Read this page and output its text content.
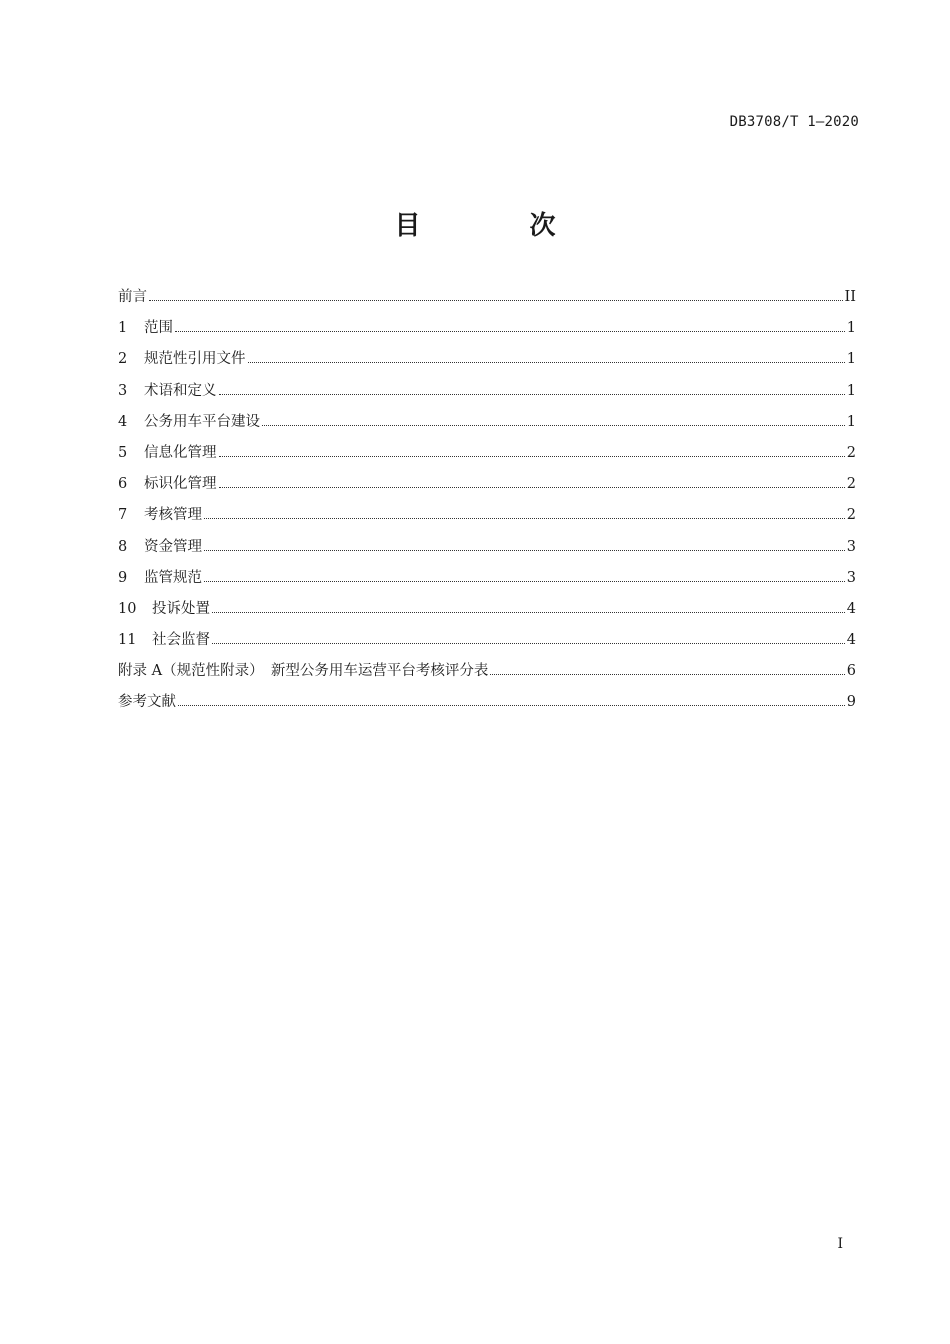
DB3708/T 1—2020
目 次
前言	II
1	范围	1
2	规范性引用文件	1
3	术语和定义	1
4	公务用车平台建设	1
5	信息化管理	2
6	标识化管理	2
7	考核管理	2
8	资金管理	3
9	监管规范	3
10	投诉处置	4
11	社会监督	4
附录 A（规范性附录）　新型公务用车运营平台考核评分表	6
参考文献	9
I
